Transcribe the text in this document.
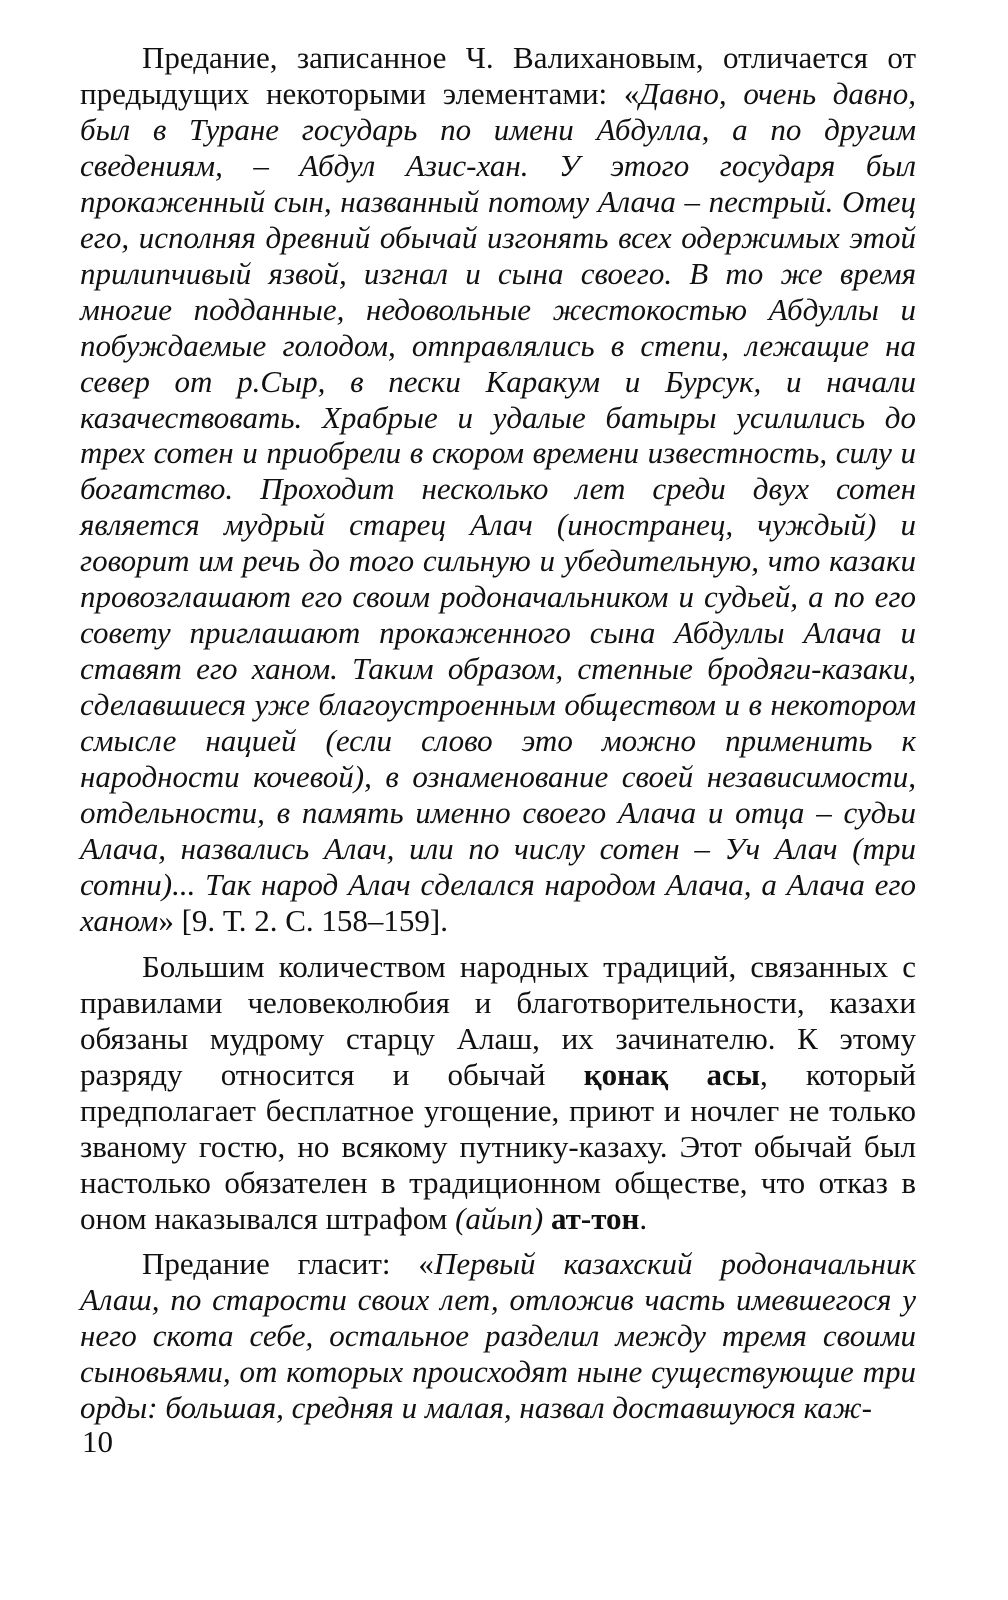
Предание, записанное Ч. Валихановым, отличается от предыдущих некоторыми элементами: «Давно, очень давно, был в Туране государь по имени Абдулла, а по другим сведениям, – Абдул Азис-хан. У этого государя был прокаженный сын, названный потому Алача – пестрый. Отец его, исполняя древний обычай изгонять всех одержимых этой прилипчивый язвой, изгнал и сына своего. В то же время многие подданные, недовольные жестокостью Абдуллы и побуждаемые голодом, отправлялись в степи, лежащие на север от р.Сыр, в пески Каракум и Бурсук, и начали казачествовать. Храбрые и удалые батыры усилились до трех сотен и приобрели в скором времени известность, силу и богатство. Проходит несколько лет среди двух сотен является мудрый старец Алач (иностранец, чуждый) и говорит им речь до того сильную и убедительную, что казаки провозглашают его своим родоначальником и судьей, а по его совету приглашают прокаженного сына Абдуллы Алача и ставят его ханом. Таким образом, степные бродяги-казаки, сделавшиеся уже благоустроенным обществом и в некотором смысле нацией (если слово это можно применить к народности кочевой), в ознаменование своей независимости, отдельности, в память именно своего Алача и отца – судьи Алача, назвались Алач, или по числу сотен – Уч Алач (три сотни)... Так народ Алач сделался народом Алача, а Алача его ханом» [9. Т. 2. С. 158–159].

Большим количеством народных традиций, связанных с правилами человеколюбия и благотворительности, казахи обязаны мудрому старцу Алаш, их зачинателю. К этому разряду относится и обычай қонақ асы, который предполагает бесплатное угощение, приют и ночлег не только званому гостю, но всякому путнику-казаху. Этот обычай был настолько обязателен в традиционном обществе, что отказ в оном наказывался штрафом (айып) ат-тон.

Предание гласит: «Первый казахский родоначальник Алаш, по старости своих лет, отложив часть имевшегося у него скота себе, остальное разделил между тремя своими сыновьями, от которых происходят ныне существующие три орды: большая, средняя и малая, назвал доставшуюся каж-

10
